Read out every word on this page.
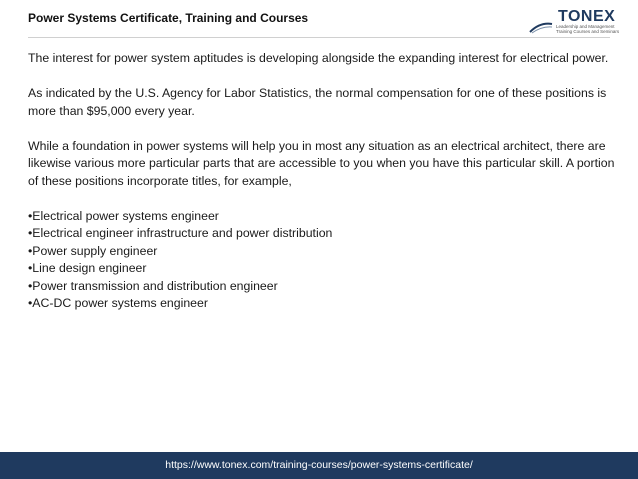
Power Systems Certificate, Training and Courses	TONEX
Leadership and Management Training Courses and Seminars

The interest for power system aptitudes is developing alongside the expanding interest for electrical power.

As indicated by the U.S. Agency for Labor Statistics, the normal compensation for one of these positions is more than $95,000 every year.

While a foundation in power systems will help you in most any situation as an electrical architect, there are likewise various more particular parts that are accessible to you when you have this particular skill. A portion of these positions incorporate titles, for example,

•Electrical power systems engineer
•Electrical engineer infrastructure and power distribution
•Power supply engineer
•Line design engineer
•Power transmission and distribution engineer
•AC-DC power systems engineer
https://www.tonex.com/training-courses/power-systems-certificate/
